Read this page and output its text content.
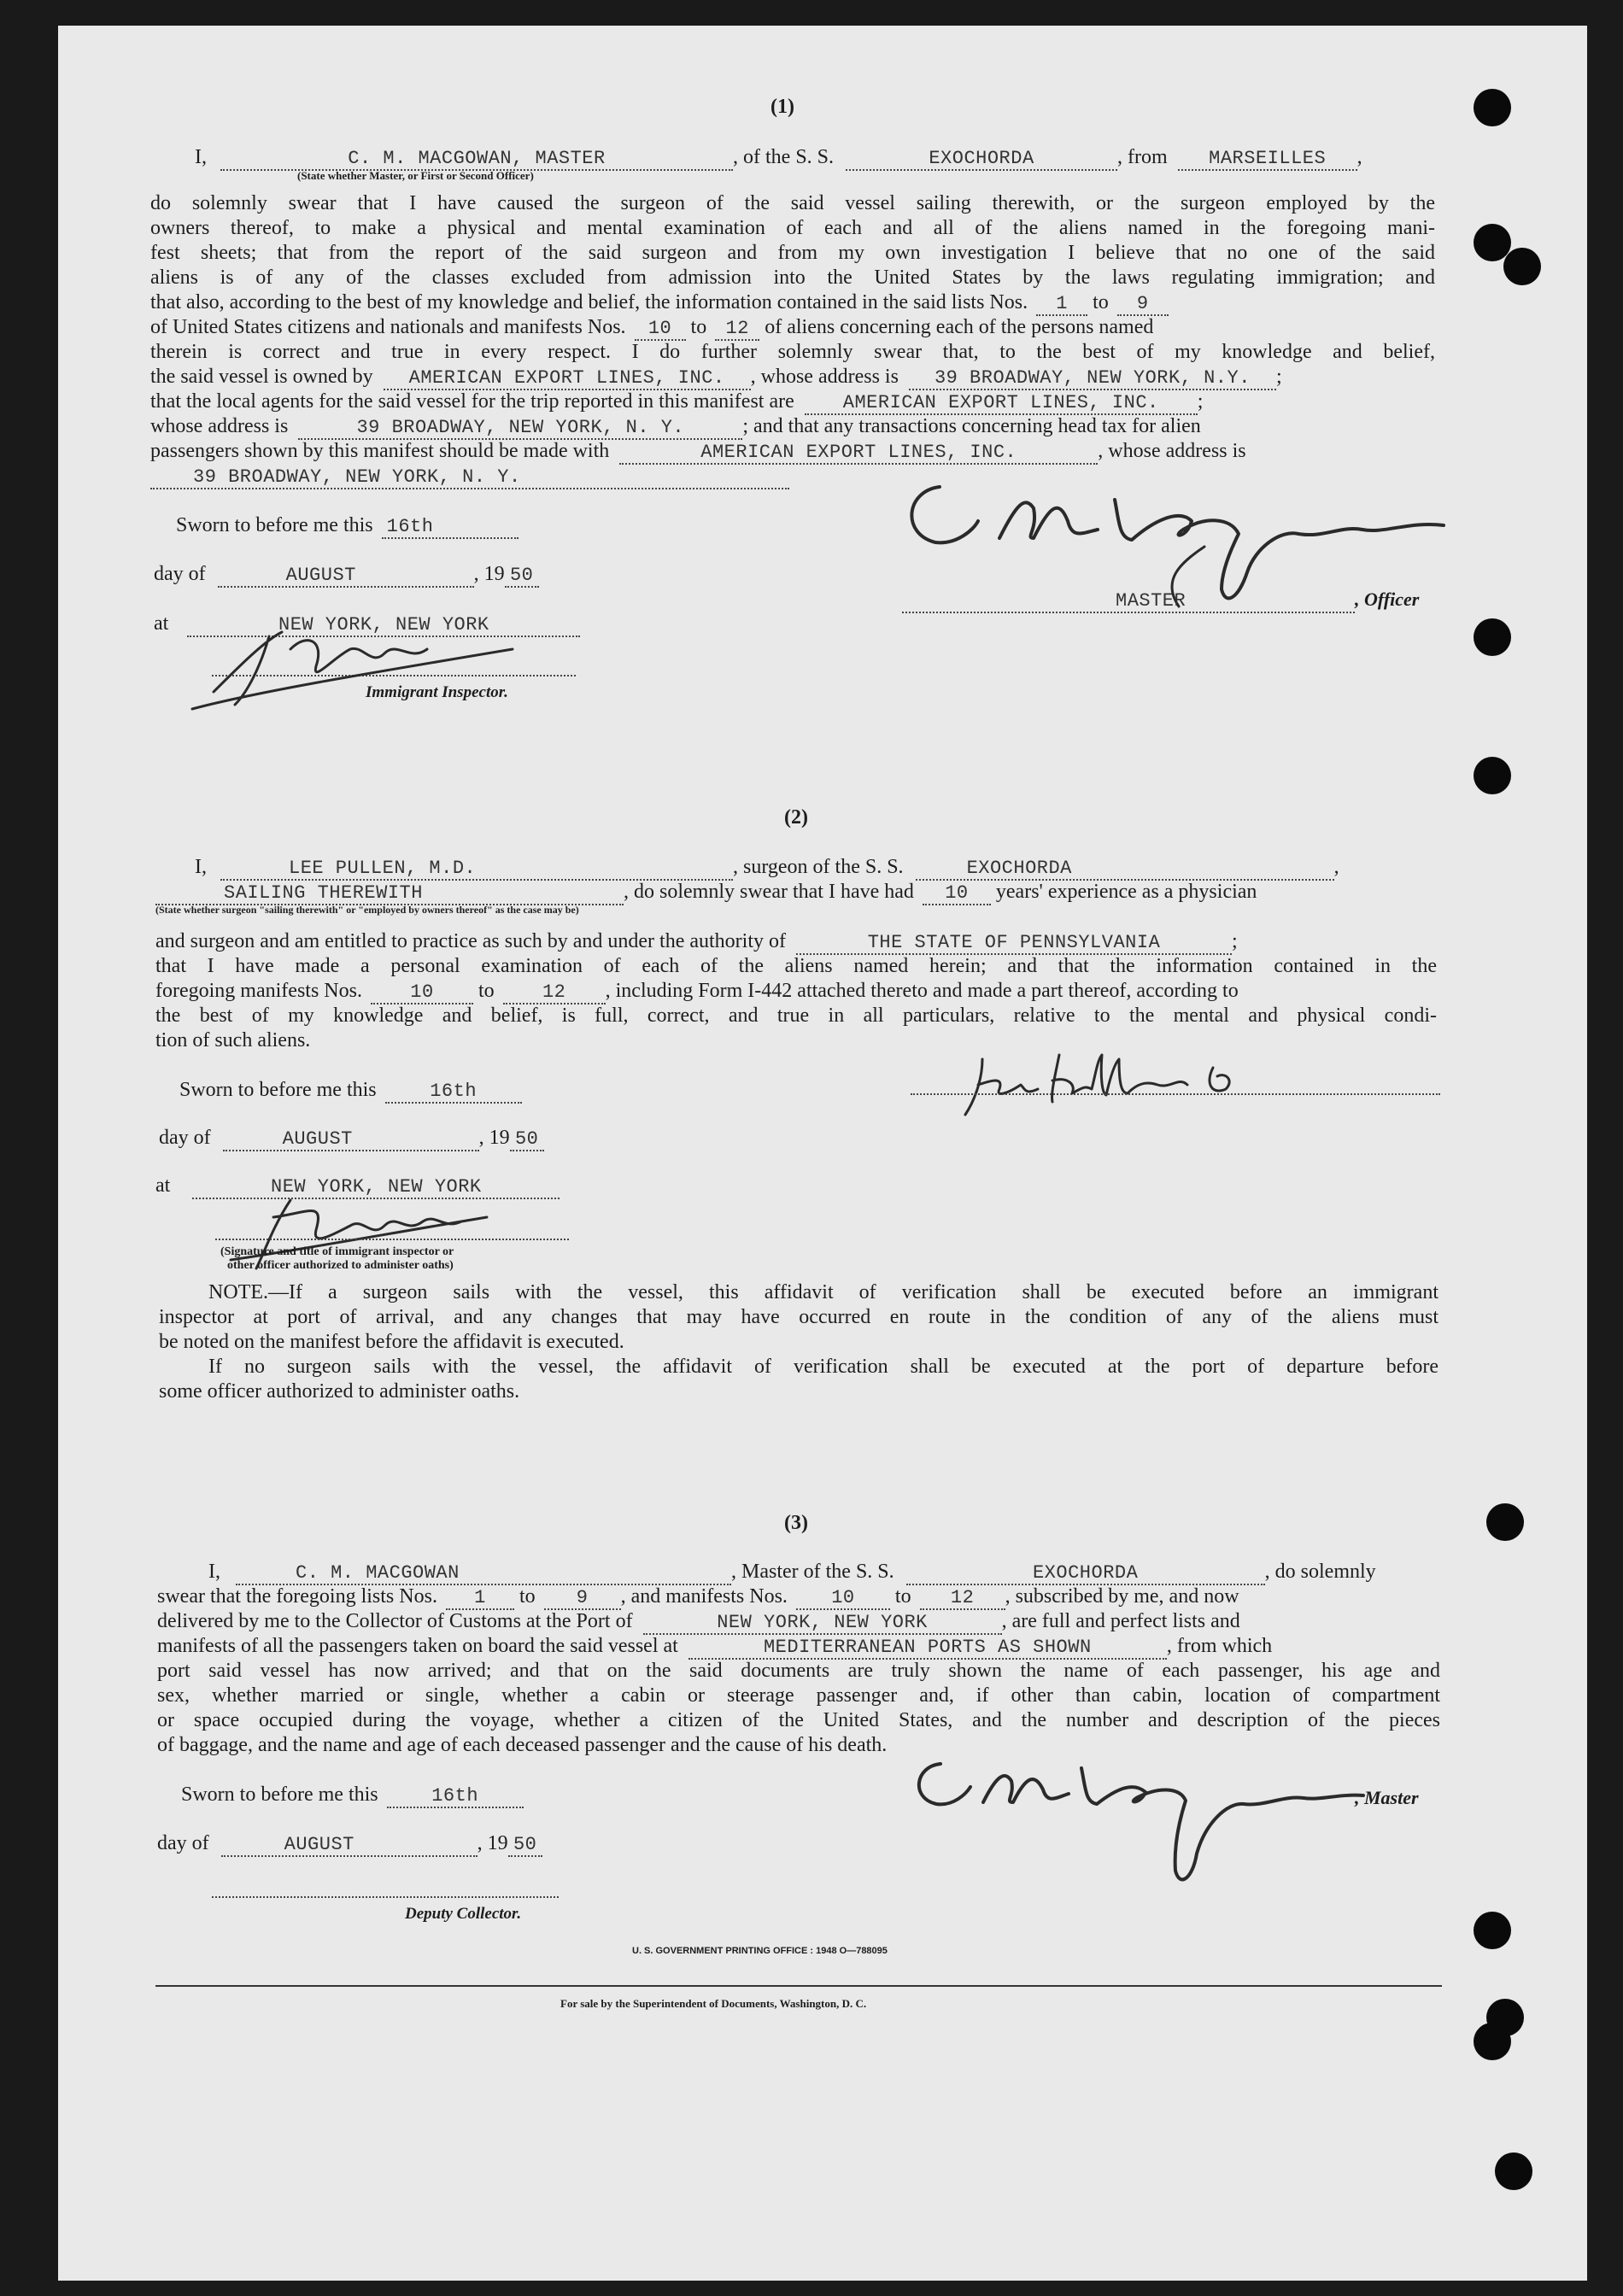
(1)
I,	C. M. MACGOWAN, MASTER	, of the S. S.	EXOCHORDA	, from MARSEILLES ,
(State whether Master, or First or Second Officer)
do solemnly swear that I have caused the surgeon of the said vessel sailing therewith, or the surgeon employed by the
owners thereof, to make a physical and mental examination of each and all of the aliens named in the foregoing mani-
fest sheets; that from the report of the said surgeon and from my own investigation I believe that no one of the said
aliens is of any of the classes excluded from admission into the United States by the laws regulating immigration; and
that also, according to the best of my knowledge and belief, the information contained in the said lists Nos. 1 to 9
of United States citizens and nationals and manifests Nos. 10 to 12 of aliens concerning each of the persons named
therein is correct and true in every respect. I do further solemnly swear that, to the best of my knowledge and belief,
the said vessel is owned by AMERICAN EXPORT LINES, INC. , whose address is 39 BROADWAY, NEW YORK, N.Y. ;
that the local agents for the said vessel for the trip reported in this manifest are	AMERICAN EXPORT LINES, INC. ;
whose address is	39 BROADWAY, NEW YORK, N. Y.	; and that any transactions concerning head tax for alien
passengers shown by this manifest should be made with	AMERICAN EXPORT LINES, INC.	, whose address is
39 BROADWAY, NEW YORK, N. Y.
Sworn to before me this 16th
day of	AUGUST	, 19 50
at	NEW YORK, NEW YORK
Immigrant Inspector.
MASTER	, Officer
(2)
I,	LEE PULLEN, M.D.	, surgeon of the S. S.	EXOCHORDA	,
SAILING THEREWITH	, do solemnly swear that I have had 10 years' experience as a physician
(State whether surgeon "sailing therewith" or "employed by owners thereof" as the case may be)
and surgeon and am entitled to practice as such by and under the authority of	THE STATE OF PENNSYLVANIA	;
that I have made a personal examination of each of the aliens named herein; and that the information contained in the
foregoing manifests Nos.	10 to	12 , including Form I-442 attached thereto and made a part thereof, according to
the best of my knowledge and belief, is full, correct, and true in all particulars, relative to the mental and physical condi-
tion of such aliens.
Sworn to before me this	16th
day of	AUGUST	, 19 50
at	NEW YORK, NEW YORK
(Signature and title of immigrant inspector or
other officer authorized to administer oaths)
NOTE.—If a surgeon sails with the vessel, this affidavit of verification shall be executed before an immigrant
inspector at port of arrival, and any changes that may have occurred en route in the condition of any of the aliens must
be noted on the manifest before the affidavit is executed.
If no surgeon sails with the vessel, the affidavit of verification shall be executed at the port of departure before
some officer authorized to administer oaths.
(3)
I,	C. M. MACGOWAN	, Master of the S. S.	EXOCHORDA	, do solemnly
swear that the foregoing lists Nos. 1 to 9 , and manifests Nos. 10 to 12 , subscribed by me, and now
delivered by me to the Collector of Customs at the Port of	NEW YORK, NEW YORK	, are full and perfect lists and
manifests of all the passengers taken on board the said vessel at	MEDITERRANEAN PORTS AS SHOWN	, from which
port said vessel has now arrived; and that on the said documents are truly shown the name of each passenger, his age and
sex, whether married or single, whether a cabin or steerage passenger and, if other than cabin, location of compartment
or space occupied during the voyage, whether a citizen of the United States, and the number and description of the pieces
of baggage, and the name and age of each deceased passenger and the cause of his death.
Sworn to before me this	16th
day of	AUGUST	, 19 50
, Master
Deputy Collector.
U. S. GOVERNMENT PRINTING OFFICE : 1948 O—788095
For sale by the Superintendent of Documents, Washington, D. C.
